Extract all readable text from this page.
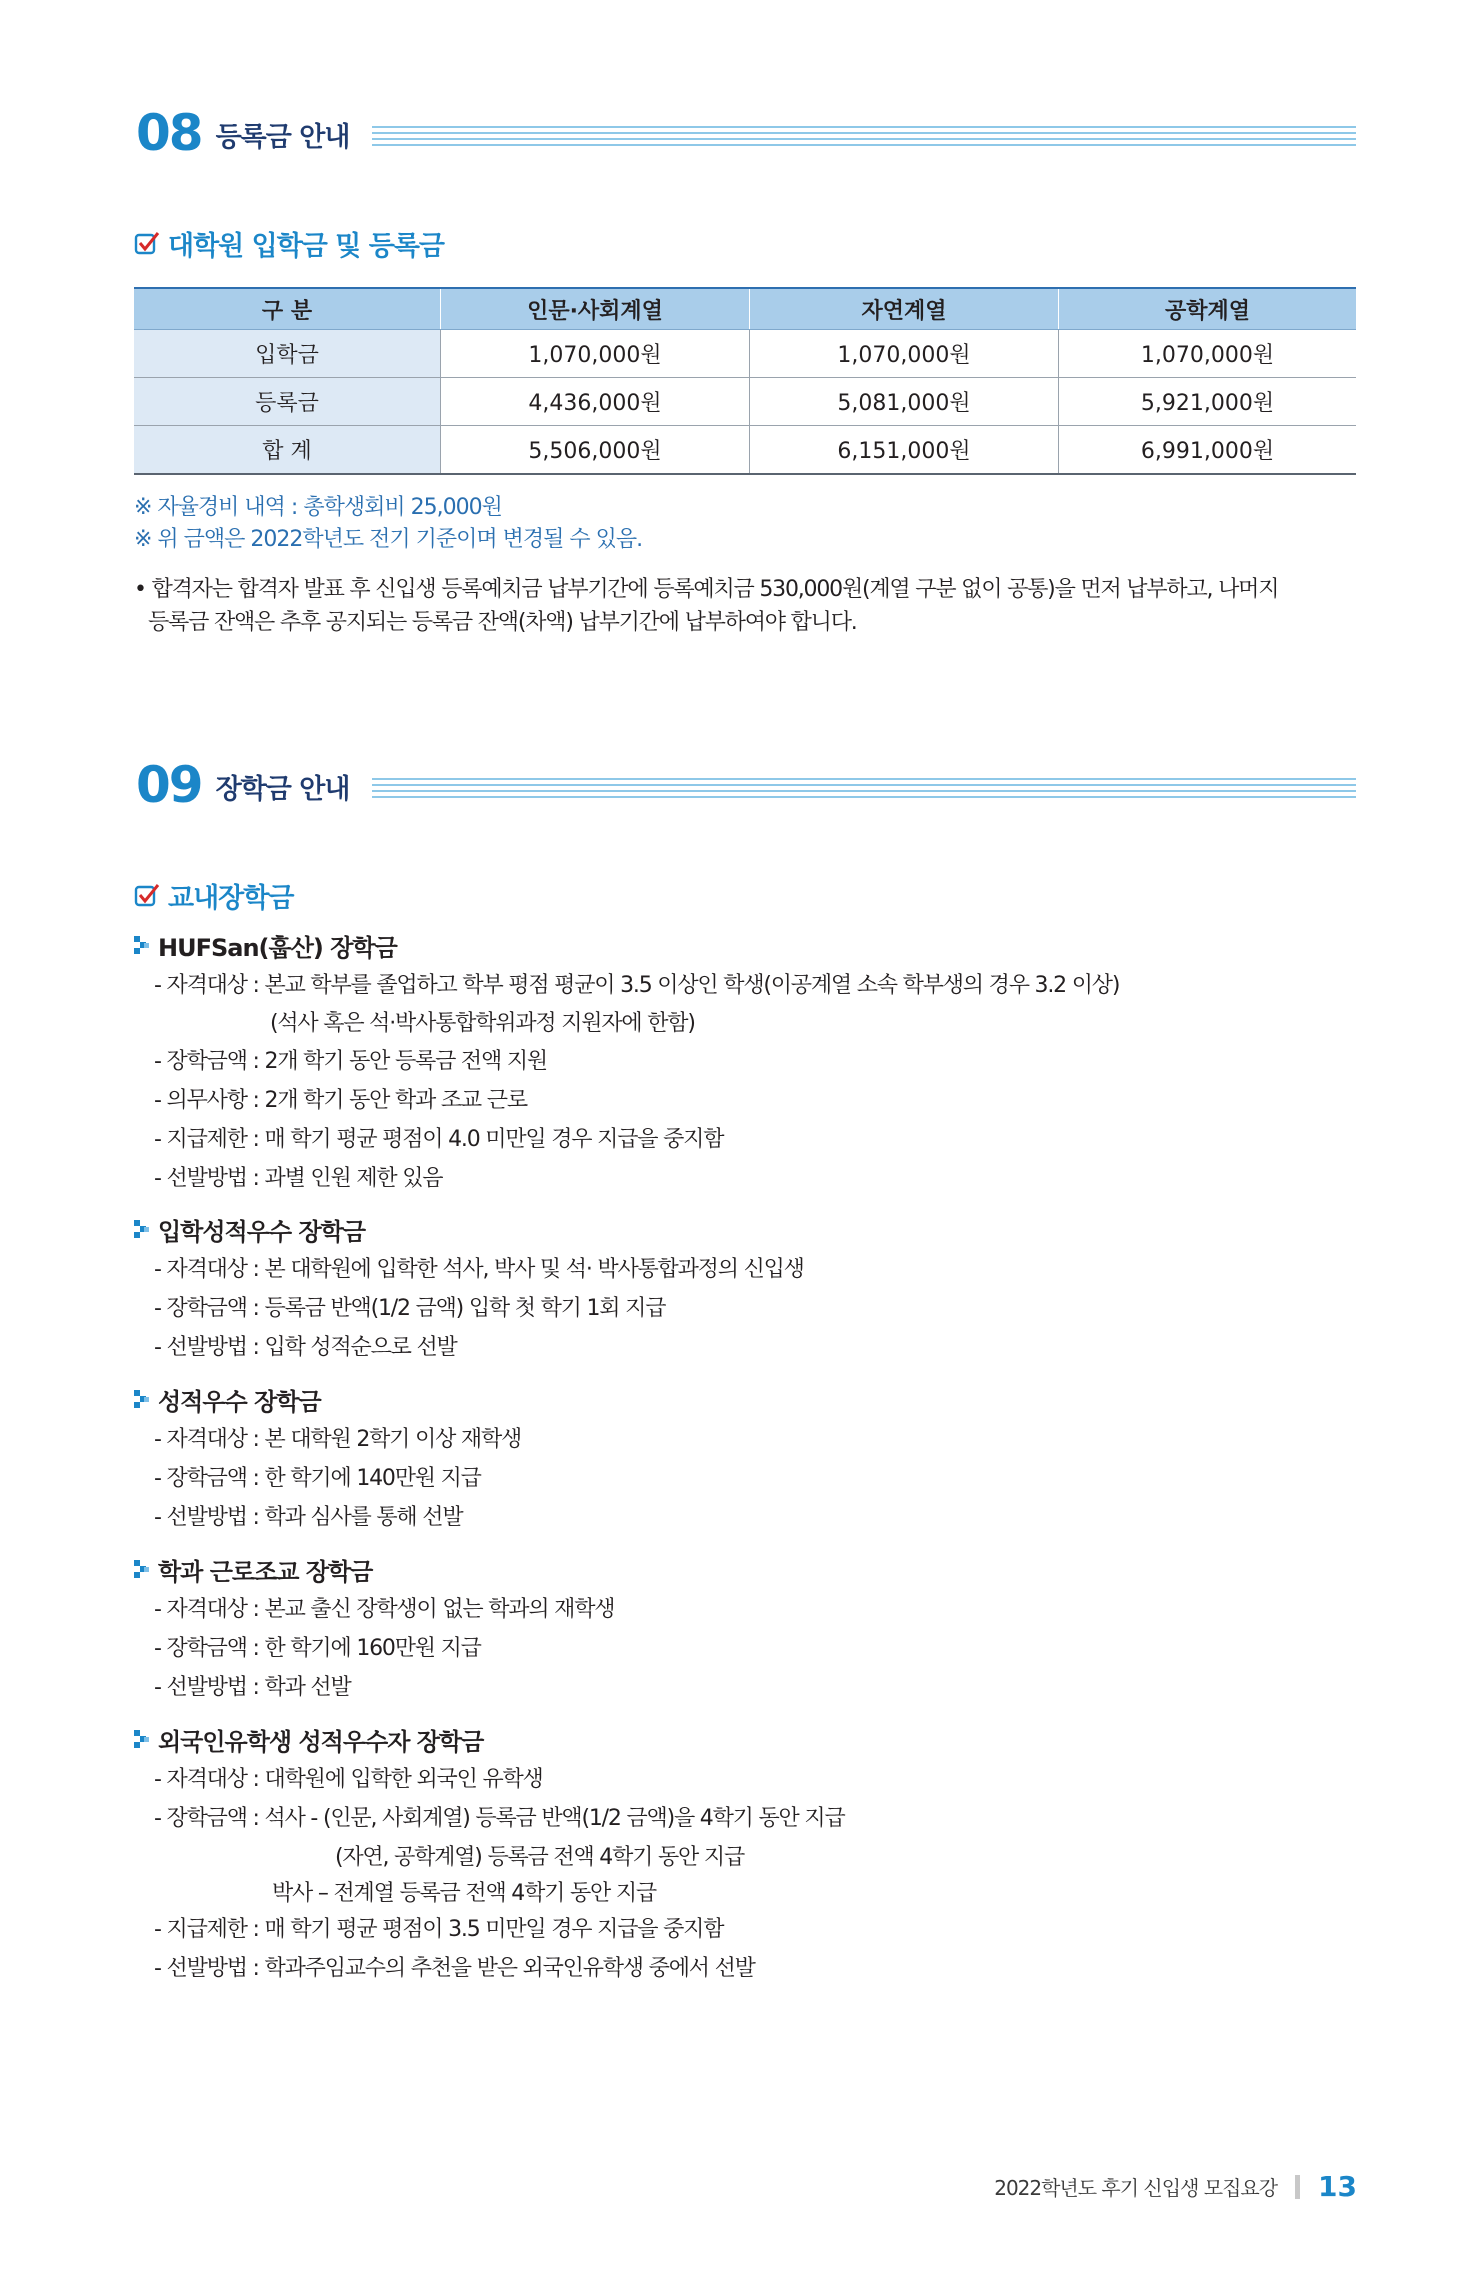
08 등록금 안내
대학원 입학금 및 등록금
구 분	인문·사회계열	자연계열	공학계열
입학금	1,070,000원	1,070,000원	1,070,000원
등록금	4,436,000원	5,081,000원	5,921,000원
합 계	5,506,000원	6,151,000원	6,991,000원
※ 자율경비 내역 : 총학생회비 25,000원
※ 위 금액은 2022학년도 전기 기준이며 변경될 수 있음.
• 합격자는 합격자 발표 후 신입생 등록예치금 납부기간에 등록예치금 530,000원(계열 구분 없이 공통)을 먼저 납부하고, 나머지
등록금 잔액은 추후 공지되는 등록금 잔액(차액) 납부기간에 납부하여야 합니다.
09 장학금 안내
교내장학금
HUFSan(훕산) 장학금
- 자격대상 : 본교 학부를 졸업하고 학부 평점 평균이 3.5 이상인 학생(이공계열 소속 학부생의 경우 3.2 이상)
(석사 혹은 석·박사통합학위과정 지원자에 한함)
- 장학금액 : 2개 학기 동안 등록금 전액 지원
- 의무사항 : 2개 학기 동안 학과 조교 근로
- 지급제한 : 매 학기 평균 평점이 4.0 미만일 경우 지급을 중지함
- 선발방법 : 과별 인원 제한 있음
입학성적우수 장학금
- 자격대상 : 본 대학원에 입학한 석사, 박사 및 석· 박사통합과정의 신입생
- 장학금액 : 등록금 반액(1/2 금액) 입학 첫 학기 1회 지급
- 선발방법 : 입학 성적순으로 선발
성적우수 장학금
- 자격대상 : 본 대학원 2학기 이상 재학생
- 장학금액 : 한 학기에 140만원 지급
- 선발방법 : 학과 심사를 통해 선발
학과 근로조교 장학금
- 자격대상 : 본교 출신 장학생이 없는 학과의 재학생
- 장학금액 : 한 학기에 160만원 지급
- 선발방법 : 학과 선발
외국인유학생 성적우수자 장학금
- 자격대상 : 대학원에 입학한 외국인 유학생
- 장학금액 : 석사 - (인문, 사회계열) 등록금 반액(1/2 금액)을 4학기 동안 지급
(자연, 공학계열) 등록금 전액 4학기 동안 지급
박사 – 전계열 등록금 전액 4학기 동안 지급
- 지급제한 : 매 학기 평균 평점이 3.5 미만일 경우 지급을 중지함
- 선발방법 : 학과주임교수의 추천을 받은 외국인유학생 중에서 선발
2022학년도 후기 신입생 모집요강 13
